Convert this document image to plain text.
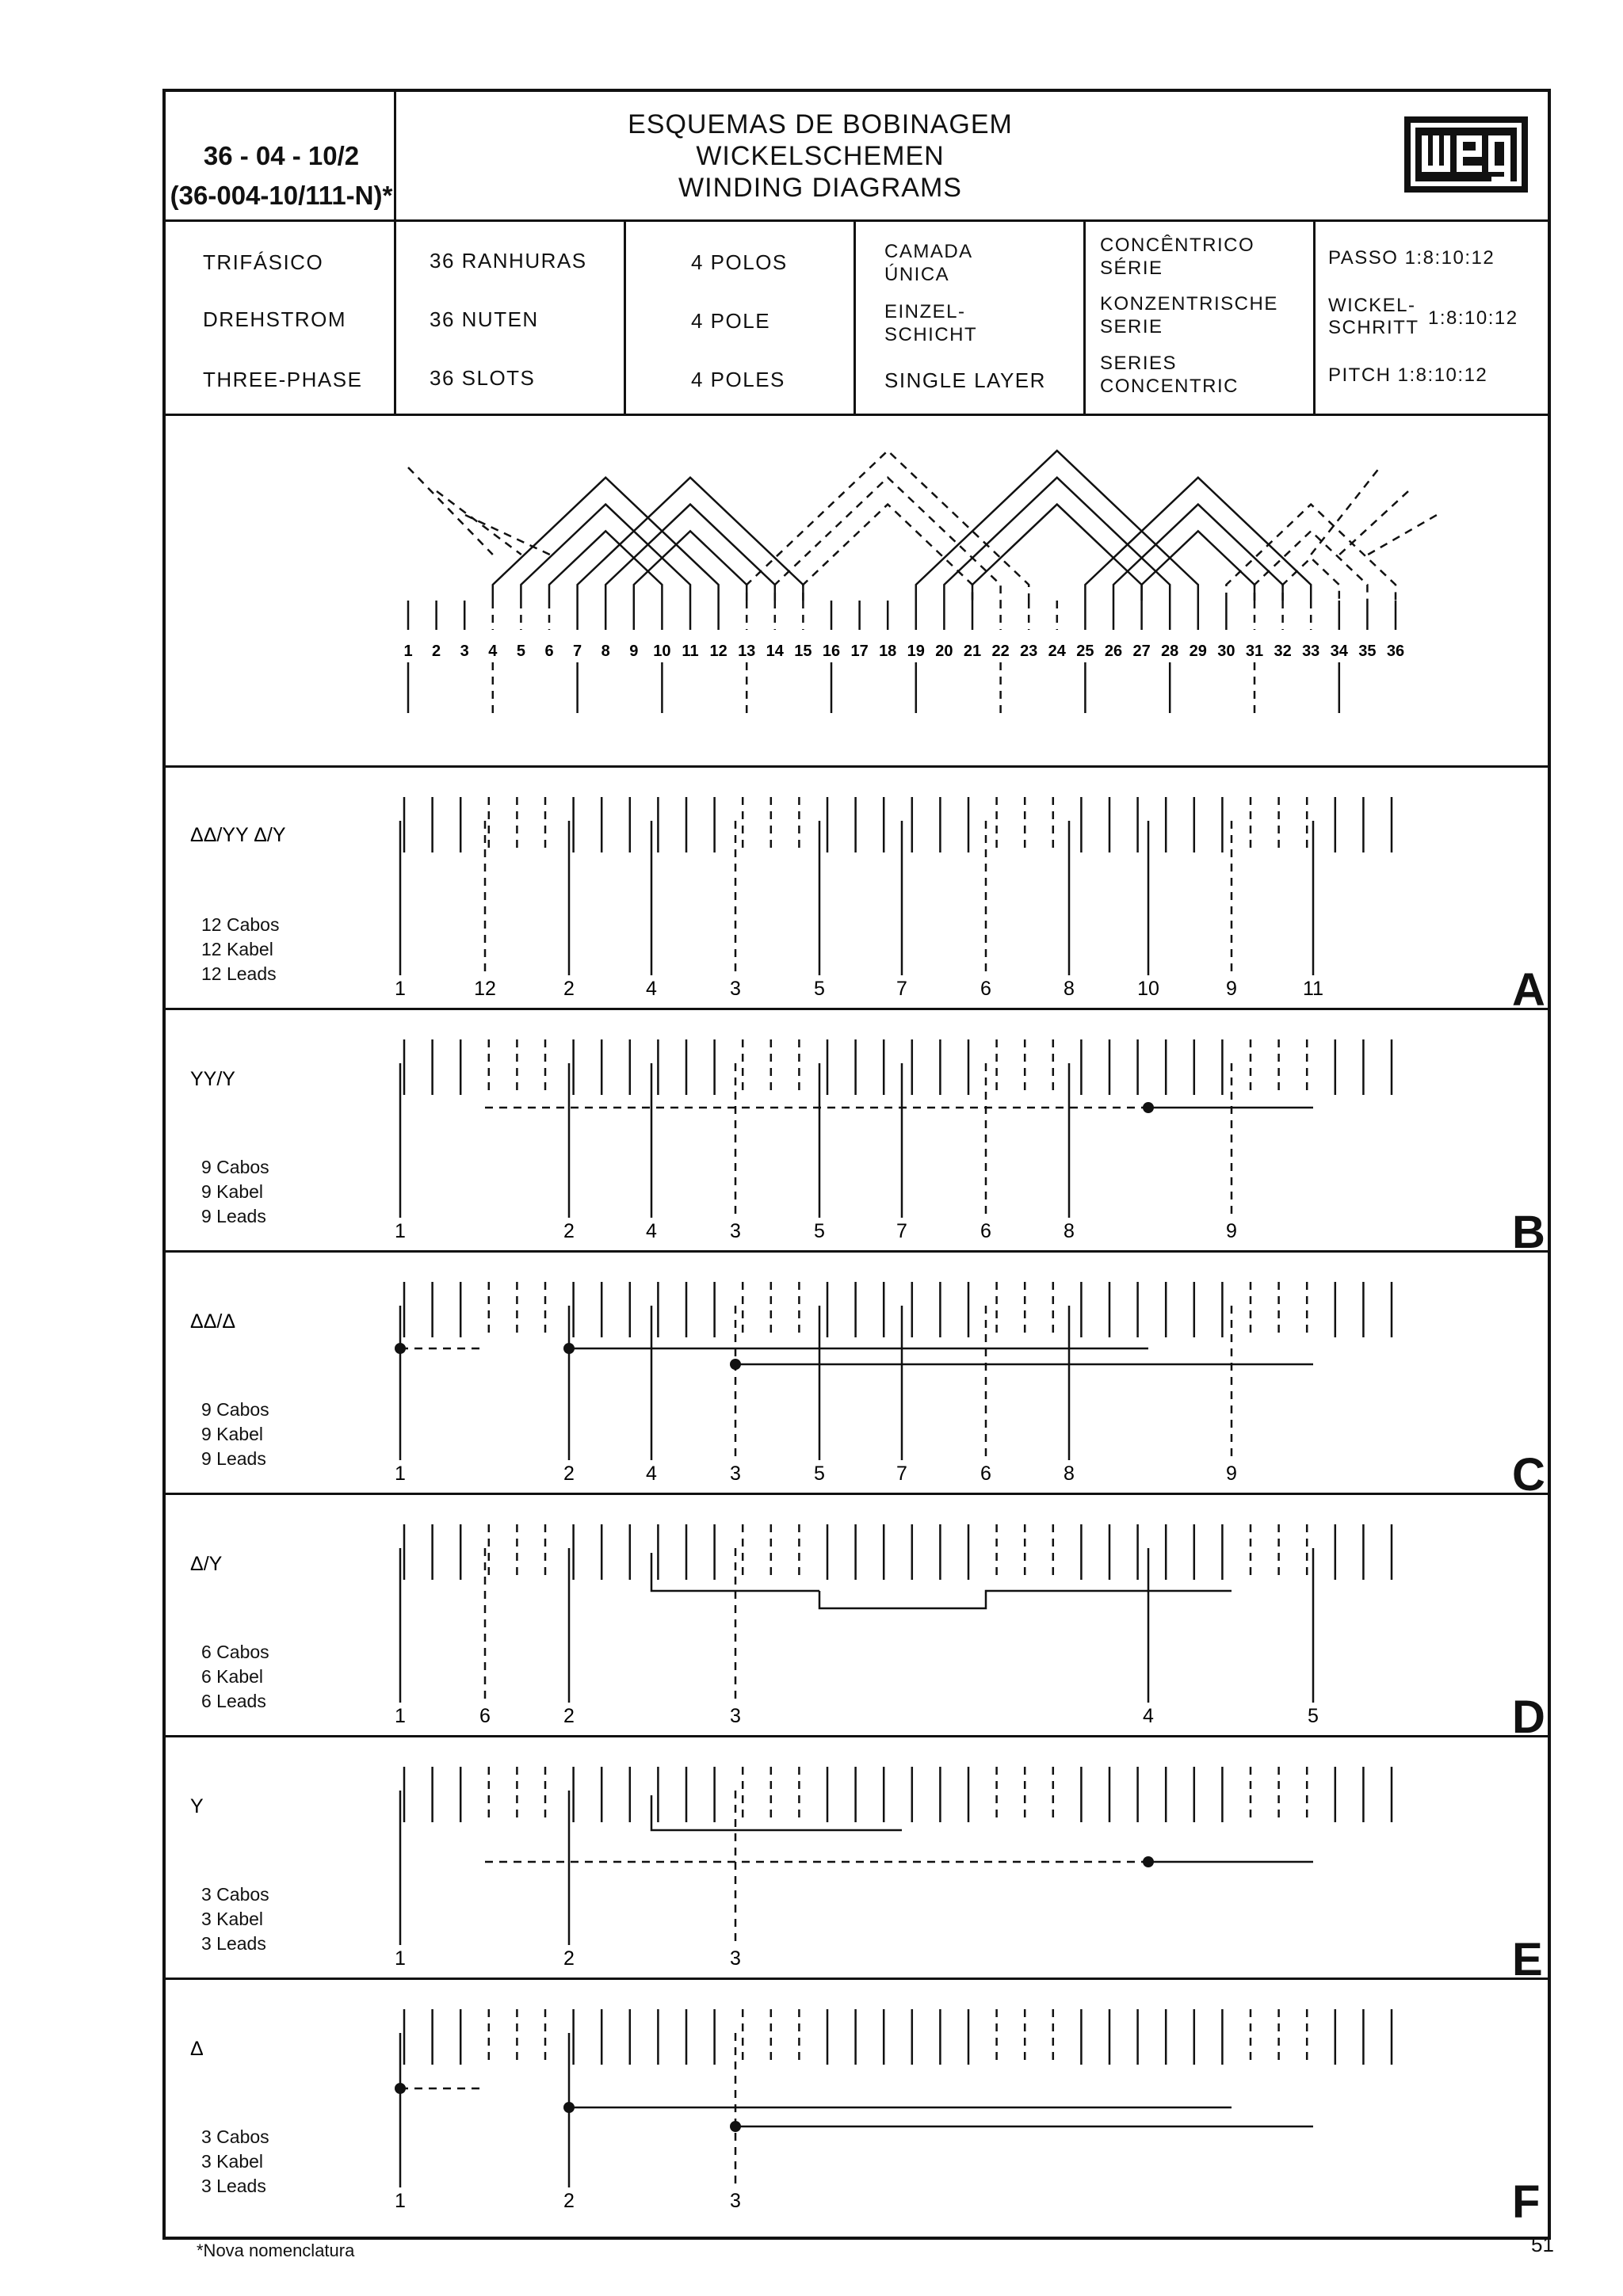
36 - 04 - 10/2
(36-004-10/111-N)*
ESQUEMAS DE BOBINAGEM
WICKELSCHEMEN
WINDING DIAGRAMS
TRIFÁSICO
DREHSTROM
THREE-PHASE
36 RANHURAS
36 NUTEN
36 SLOTS
4 POLOS
4 POLE
4 POLES
CAMADA
ÚNICA
EINZEL-
SCHICHT
SINGLE LAYER
CONCÊNTRICO
SÉRIE
KONZENTRISCHE
SERIE
SERIES
CONCENTRIC
PASSO 1:8:10:12
WICKEL-
SCHRITT 1:8:10:12
PITCH 1:8:10:12
12 Cabos
12 Kabel
12 Leads
9 Cabos
9 Kabel
9 Leads
9 Cabos
9 Kabel
9 Leads
6 Cabos
6 Kabel
6 Leads
3 Cabos
3 Kabel
3 Leads
3 Cabos
3 Kabel
3 Leads
A
B
C
D
E
F
*Nova nomenclatura	51
1 2 3 4 5 6 7 8 9 10 11 12 13 14 15 16 17 18 19 20 21 22 23 24 25 26 27 28 29 30 31 32 33 34 35 36
1	12	2	4	3	5	7	6	8	10	9	11
ΔΔ/YY Δ/Y
1	2	4	3	5	7	6	8	9
YY/Y
1	2	4	3	5	7	6	8	9
ΔΔ/Δ
1	6	2	3	4	5
Δ/Y
1	2	3
Y
1	2	3
Δ
